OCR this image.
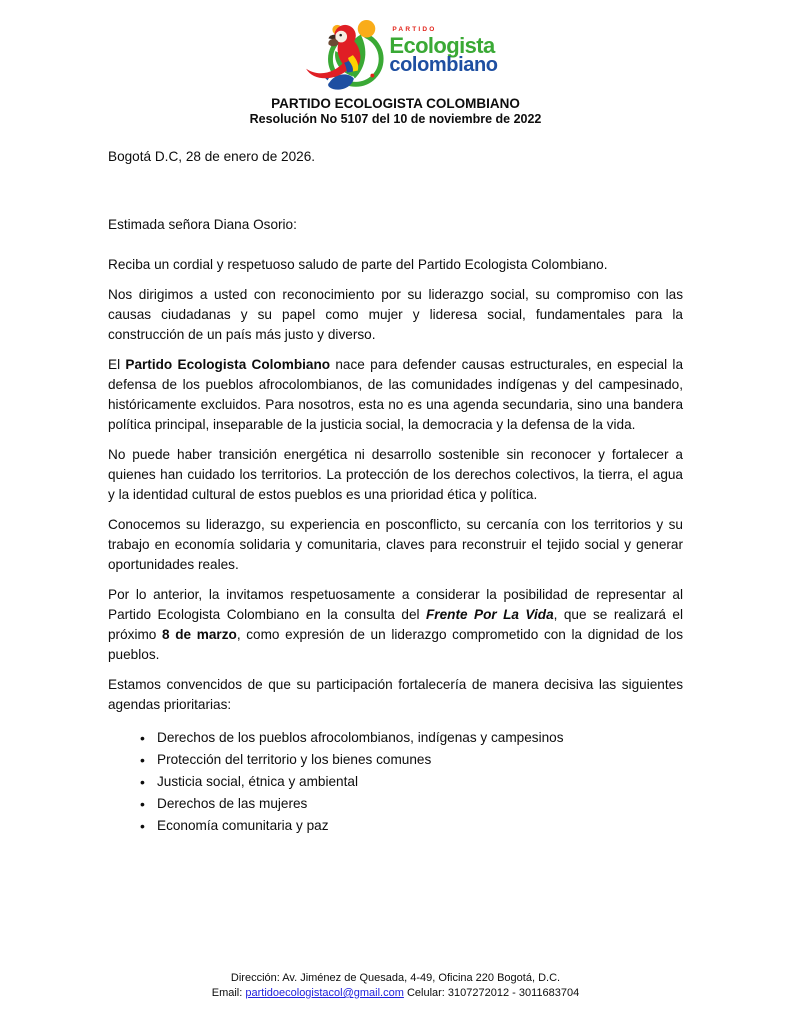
PARTIDO
Ecologista
colombiano
PARTIDO ECOLOGISTA COLOMBIANO
Resolución No 5107 del 10 de noviembre de 2022
Bogotá D.C, 28 de enero de 2026.
Estimada señora Diana Osorio:

Reciba un cordial y respetuoso saludo de parte del Partido Ecologista Colombiano.

Nos dirigimos a usted con reconocimiento por su liderazgo social, su compromiso con las causas ciudadanas y su papel como mujer y lideresa social, fundamentales para la construcción de un país más justo y diverso.

El Partido Ecologista Colombiano nace para defender causas estructurales, en especial la defensa de los pueblos afrocolombianos, de las comunidades indígenas y del campesinado, históricamente excluidos. Para nosotros, esta no es una agenda secundaria, sino una bandera política principal, inseparable de la justicia social, la democracia y la defensa de la vida.

No puede haber transición energética ni desarrollo sostenible sin reconocer y fortalecer a quienes han cuidado los territorios. La protección de los derechos colectivos, la tierra, el agua y la identidad cultural de estos pueblos es una prioridad ética y política.

Conocemos su liderazgo, su experiencia en posconflicto, su cercanía con los territorios y su trabajo en economía solidaria y comunitaria, claves para reconstruir el tejido social y generar oportunidades reales.

Por lo anterior, la invitamos respetuosamente a considerar la posibilidad de representar al Partido Ecologista Colombiano en la consulta del Frente Por La Vida, que se realizará el próximo 8 de marzo, como expresión de un liderazgo comprometido con la dignidad de los pueblos.

Estamos convencidos de que su participación fortalecería de manera decisiva las siguientes agendas prioritarias:

• Derechos de los pueblos afrocolombianos, indígenas y campesinos
• Protección del territorio y los bienes comunes
• Justicia social, étnica y ambiental
• Derechos de las mujeres
• Economía comunitaria y paz
Dirección: Av. Jiménez de Quesada, 4-49, Oficina 220 Bogotá, D.C.
Email: partidoecologistacol@gmail.com Celular: 3107272012 - 3011683704
